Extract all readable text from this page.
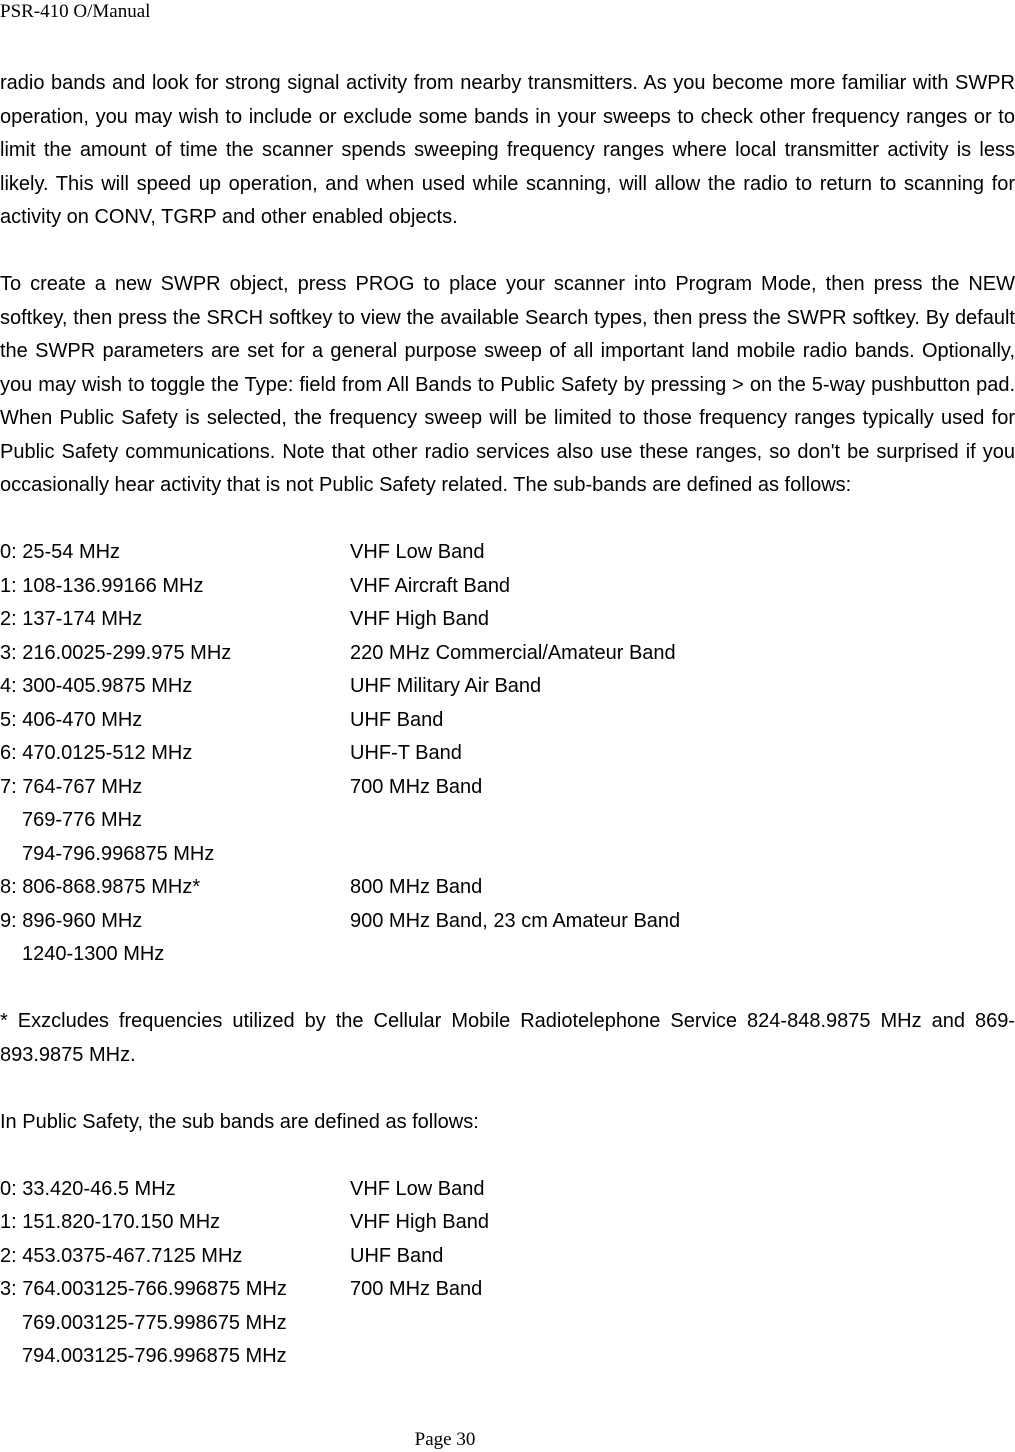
PSR-410 O/Manual

radio bands and look for strong signal activity from nearby transmitters. As you become more familiar with SWPR operation, you may wish to include or exclude some bands in your sweeps to check other frequency ranges or to limit the amount of time the scanner spends sweeping frequency ranges where local transmitter activity is less likely. This will speed up operation, and when used while scanning, will allow the radio to return to scanning for activity on CONV, TGRP and other enabled objects.

To create a new SWPR object, press PROG to place your scanner into Program Mode, then press the NEW softkey, then press the SRCH softkey to view the available Search types, then press the SWPR softkey. By default the SWPR parameters are set for a general purpose sweep of all important land mobile radio bands. Optionally, you may wish to toggle the Type: field from All Bands to Public Safety by pressing > on the 5-way pushbutton pad. When Public Safety is selected, the frequency sweep will be limited to those frequency ranges typically used for Public Safety communications. Note that other radio services also use these ranges, so don't be surprised if you occasionally hear activity that is not Public Safety related. The sub-bands are defined as follows:

0: 25-54 MHz	VHF Low Band
1: 108-136.99166 MHz	VHF Aircraft Band
2: 137-174 MHz	VHF High Band
3: 216.0025-299.975 MHz	220 MHz Commercial/Amateur Band
4: 300-405.9875 MHz	UHF Military Air Band
5: 406-470 MHz	UHF Band
6: 470.0125-512 MHz	UHF-T Band
7: 764-767 MHz	700 MHz Band
769-776 MHz
794-796.996875 MHz
8: 806-868.9875 MHz*	800 MHz Band
9: 896-960 MHz	900 MHz Band, 23 cm Amateur Band
1240-1300 MHz

* Exzcludes frequencies utilized by the Cellular Mobile Radiotelephone Service 824-848.9875 MHz and 869-893.9875 MHz.

In Public Safety, the sub bands are defined as follows:

0: 33.420-46.5 MHz	VHF Low Band
1: 151.820-170.150 MHz	VHF High Band
2: 453.0375-467.7125 MHz	UHF Band
3: 764.003125-766.996875 MHz	700 MHz Band
769.003125-775.998675 MHz
794.003125-796.996875 MHz
Page 30
